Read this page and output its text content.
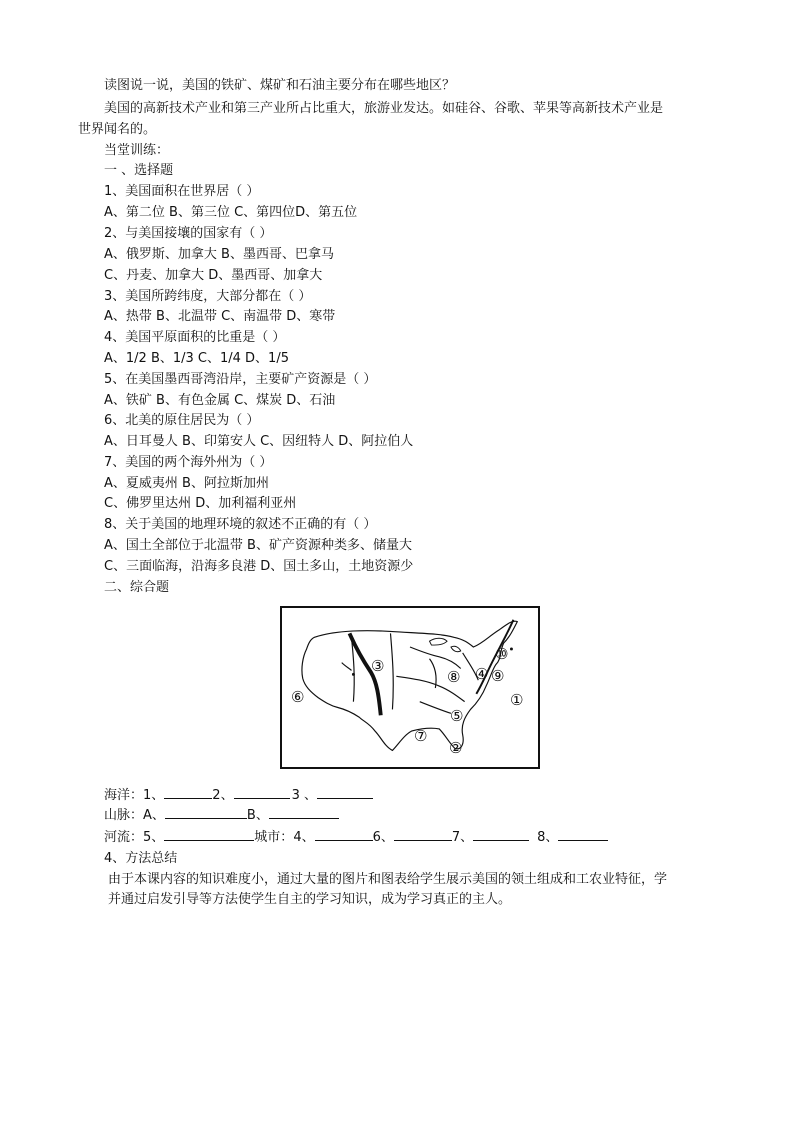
读图说一说，美国的铁矿、煤矿和石油主要分布在哪些地区？
美国的高新技术产业和第三产业所占比重大，旅游业发达。如硅谷、谷歌、苹果等高新技术产业是
世界闻名的。
当堂训练：
一 、选择题
1、美国面积在世界居（ ）
A、第二位 B、第三位 C、第四位D、第五位
2、与美国接壤的国家有（ ）
A、俄罗斯、加拿大 B、墨西哥、巴拿马
C、丹麦、加拿大 D、墨西哥、加拿大
3、美国所跨纬度，大部分都在（ ）
A、热带 B、北温带 C、南温带 D、寒带
4、美国平原面积的比重是（ ）
A、1/2 B、1/3 C、1/4 D、1/5
5、在美国墨西哥湾沿岸，主要矿产资源是（ ）
A、铁矿 B、有色金属 C、煤炭 D、石油
6、北美的原住居民为（ ）
A、日耳曼人 B、印第安人 C、因纽特人 D、阿拉伯人
7、美国的两个海外州为（ ）
A、夏威夷州 B、阿拉斯加州
C、佛罗里达州 D、加利福利亚州
8、关于美国的地理环境的叙述不正确的有（ ）
A、国土全部位于北温带 B、矿产资源种类多、储量大
C、三面临海，沿海多良港 D、国土多山，土地资源少
二、综合题
①
②
③	④
⑤
⑥
⑦
⑧ ⑨
⑩
海洋：1、	2、	3 、
山脉：A、	B、
河流：5、	城市：4、	6、	7、	8、
4、方法总结
由于本课内容的知识难度小，通过大量的图片和图表给学生展示美国的领土组成和工农业特征，学
并通过启发引导等方法使学生自主的学习知识，成为学习真正的主人。
